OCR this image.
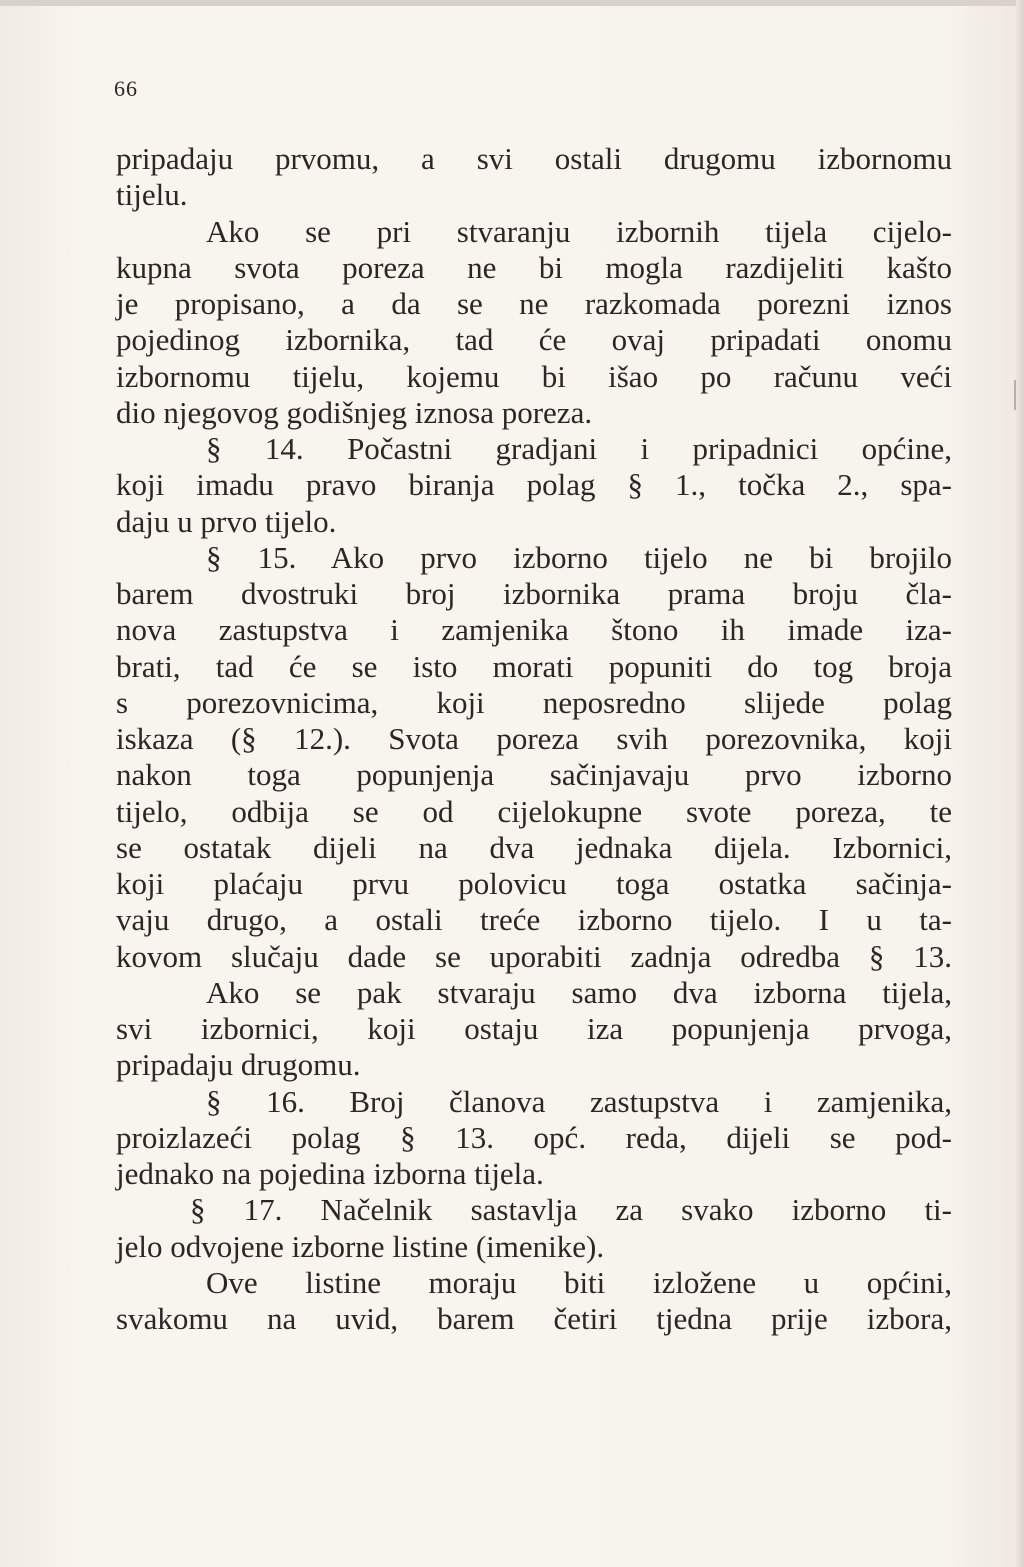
66
pripadaju prvomu, a svi ostali drugomu izbornomu
tijelu.
Ako se pri stvaranju izbornih tijela cijelo-
kupna svota poreza ne bi mogla razdijeliti kašto
je propisano, a da se ne razkomada porezni iznos
pojedinog izbornika, tad će ovaj pripadati onomu
izbornomu tijelu, kojemu bi išao po računu veći
dio njegovog godišnjeg iznosa poreza.
§ 14. Počastni gradjani i pripadnici općine,
koji imadu pravo biranja polag § 1., točka 2., spa-
daju u prvo tijelo.
§ 15. Ako prvo izborno tijelo ne bi brojilo
barem dvostruki broj izbornika prama broju čla-
nova zastupstva i zamjenika štono ih imade iza-
brati, tad će se isto morati popuniti do tog broja
s porezovnicima, koji neposredno slijede polag
iskaza (§ 12.). Svota poreza svih porezovnika, koji
nakon toga popunjenja sačinjavaju prvo izborno
tijelo, odbija se od cijelokupne svote poreza, te
se ostatak dijeli na dva jednaka dijela. Izbornici,
koji plaćaju prvu polovicu toga ostatka sačinja-
vaju drugo, a ostali treće izborno tijelo. I u ta-
kovom slučaju dade se uporabiti zadnja odredba § 13.
Ako se pak stvaraju samo dva izborna tijela,
svi izbornici, koji ostaju iza popunjenja prvoga,
pripadaju drugomu.
§ 16. Broj članova zastupstva i zamjenika,
proizlazeći polag § 13. opć. reda, dijeli se pod-
jednako na pojedina izborna tijela.
§ 17. Načelnik sastavlja za svako izborno ti-
jelo odvojene izborne listine (imenike).
Ove listine moraju biti izložene u općini,
svakomu na uvid, barem četiri tjedna prije izbora,
